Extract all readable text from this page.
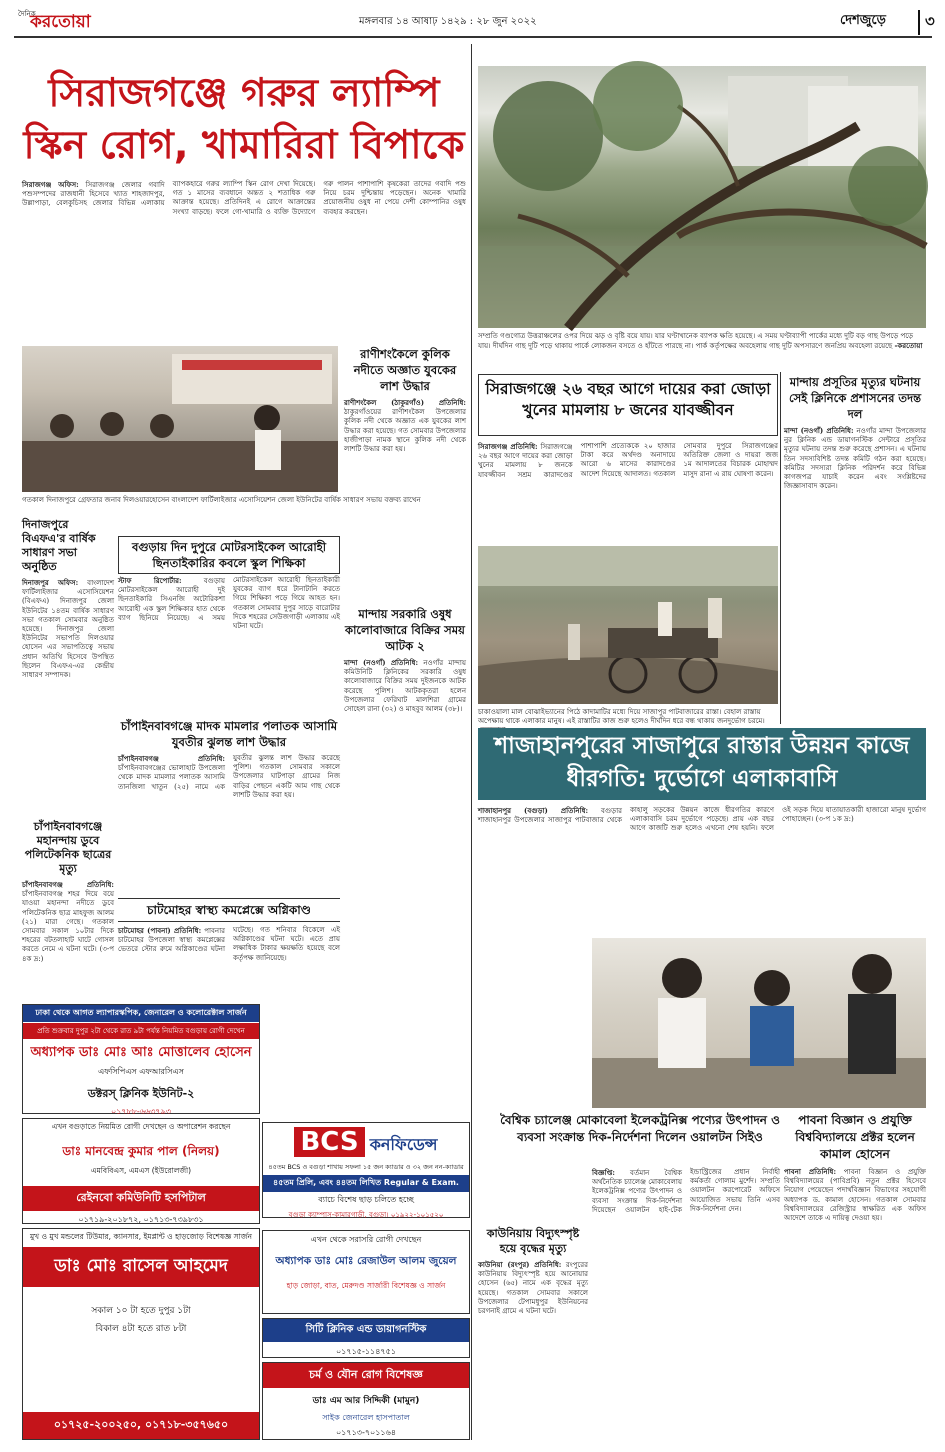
দৈনিক
করতোয়া	মঙ্গলবার ১৪ আষাঢ় ১৪২৯ : ২৮ জুন ২০২২	দেশজুড়ে	৩
সিরাজগঞ্জে গরুর ল্যাম্পি স্কিন রোগ, খামারিরা বিপাকে
সিরাজগঞ্জ অফিস: সিরাজগঞ্জ জেলার গবাদি পশুসম্পদের রাজধানী হিসেবে খ্যাত শাহজাদপুর, উল্লাপাড়া, বেলকুচিসহ জেলার বিভিন্ন এলাকায় ব্যাপকহারে গরুর ল্যাম্পি স্কিন রোগ দেখা দিয়েছে। গত ১ মাসের ব্যবধানে অন্তত ২ শতাধিক গরু আক্রান্ত হয়েছে। প্রতিদিনই এ রোগে আক্রান্তের সংখ্যা বাড়ছে। ফলে গো-খামারি ও ব্যক্তি উদ্যোগে গরু পালন পাশাপাশি কৃষকেরা তাদের গবাদি পশু নিয়ে চরম দুশ্চিন্তায় পড়েছেন। অনেক খামারি প্রয়োজনীয় ওষুধ না পেয়ে দেশী কোম্পানির ওষুধ ব্যবহার করছেন।
সম্প্রতি গণ্ডগোত্র উত্তরাঞ্চলের ওপর দিয়ে ঝড় ও বৃষ্টি বয়ে যায়। যার ঘণ্টাখানেক ব্যাপক ক্ষতি হয়েছে। এ সময় ঘণ্টাব্যাপী পার্কের মধ্যে দুটি বড় গাছ উপড়ে পড়ে যায়। দীর্ঘদিন গাছ দুটি পড়ে থাকায় পার্কে লোকজন বসতে ও হাঁটতে পারছে না। পার্ক কর্তৃপক্ষের অবহেলায় গাছ দুটি অপসারণে জনপ্রিয় অবহেলা রয়েছে -করতোয়া
গতকাল দিনাজপুরে গ্রেফতার জনাব দিলওয়ারহোসেন বাংলাদেশ ফার্টিলাইজার এসোসিয়েশন জেলা ইউনিটের বার্ষিক সাধারণ সভায় বক্তব্য রাখেন
রাণীশংকৈলে কুলিক নদীতে অজ্ঞাত যুবকের লাশ উদ্ধার
রাণীশংকৈল (ঠাকুরগাঁও) প্রতিনিধি: ঠাকুরগাঁওয়ের রাণীশংকৈল উপজেলার কুলিক নদী থেকে অজ্ঞাত এক যুবকের লাশ উদ্ধার করা হয়েছে। গত সোমবার উপজেলার হাজীপাড়া নামক স্থানে কুলিক নদী থেকে লাশটি উদ্ধার করা হয়।
দিনাজপুরে বিএফএ'র বার্ষিক সাধারণ সভা অনুষ্ঠিত
দিনাজপুর অফিস: বাংলাদেশ ফার্টিলাইজার এসোসিয়েশন (বিএফএ) দিনাজপুর জেলা ইউনিটের ১৪তম বার্ষিক সাধারণ সভা গতকাল সোমবার অনুষ্ঠিত হয়েছে। দিনাজপুর জেলা ইউনিটের সভাপতি দিলওয়ার হোসেন এর সভাপতিত্বে সভায় প্রধান অতিথি হিসেবে উপস্থিত ছিলেন বিএফএ-এর কেন্দ্রীয় সাধারণ সম্পাদক।
চাঁপাইনবাবগঞ্জে মহানন্দায় ডুবে পলিটেকনিক ছাত্রের মৃত্যু
চাঁপাইনবাবগঞ্জ প্রতিনিধি: চাঁপাইনবাবগঞ্জ শহর দিয়ে বয়ে যাওয়া মহানন্দা নদীতে ডুবে পলিটেকনিক ছাত্র মাহফুজ আলম (২১) মারা গেছে। গতকাল সোমবার সকাল ১০টার দিকে শহরের বটতলাহাট ঘাটে গোসল করতে নেমে এ ঘটনা ঘটে। (৩-প ৪ক দ্র:)
বগুড়ায় দিন দুপুরে মোটরসাইকেল আরোহী ছিনতাইকারির কবলে স্কুল শিক্ষিকা
স্টাফ রিপোর্টার:	বগুড়ায় মোটরসাইকেল আরোহী দুই ছিনতাইকারি সিএনজি অটোরিকশা আরোহী এক স্কুল শিক্ষিকার হাত থেকে ব্যাগ ছিনিয়ে নিয়েছে। এ সময় মোটরসাইকেল আরোহী ছিনতাইকারী যুবকের ব্যাগ ধরে টানাটানি করতে গিয়ে শিক্ষিকা পড়ে গিয়ে আহত হন। গতকাল সোমবার দুপুর সাড়ে বারোটার দিকে শহরের সেউজগাড়ী এলাকায় এই ঘটনা ঘটে।
মান্দায় সরকারি ওষুধ কালোবাজারে বিক্রির সময় আটক ২
মান্দা (নওগাঁ) প্রতিনিধি: নওগাঁর মান্দায় কমিউনিটি ক্লিনিকের সরকারি ওষুধ কালোবাজারে বিক্রির সময় দুইজনকে আটক করেছে পুলিশ। আটককৃতরা হলেন উপজেলার ফেরিঘাট মালশিরা গ্রামের সোহেল রানা (৩২) ও মাহবুব আলম (৩৮)।
চাঁপাইনবাবগঞ্জে মাদক মামলার পলাতক আসামি যুবতীর ঝুলন্ত লাশ উদ্ধার
চাঁপাইনবাবগঞ্জ প্রতিনিধি: চাঁপাইনবাবগঞ্জের ভোলাহাট উপজেলা থেকে মাদক মামলার পলাতক আসামি তানজিলা খাতুন (২৫) নামে এক যুবতীর ঝুলন্ত লাশ উদ্ধার করেছে পুলিশ। গতকাল সোমবার সকালে উপজেলার ঘাটপাড়া গ্রামের নিজ বাড়ির পেছনে একটি আম গাছ থেকে লাশটি উদ্ধার করা হয়।
চাটমোহর স্বাস্থ্য কমপ্লেক্সে অগ্নিকাণ্ড
চাটমোহর (পাবনা) প্রতিনিধি: পাবনার চাটমোহর উপজেলা স্বাস্থ্য কমপ্লেক্সের ভেতরে স্টোর রুমে অগ্নিকাণ্ডের ঘটনা ঘটেছে। গত শনিবার বিকেলে এই অগ্নিকাণ্ডের ঘটনা ঘটে। এতে প্রায় লক্ষাধিক টাকার ক্ষয়ক্ষতি হয়েছে বলে কর্তৃপক্ষ জানিয়েছে।
সিরাজগঞ্জে ২৬ বছর আগে দায়ের করা জোড়া খুনের মামলায় ৮ জনের যাবজ্জীবন
সিরাজগঞ্জ প্রতিনিধি: সিরাজগঞ্জে ২৬ বছর আগে দায়ের করা জোড়া খুনের মামলায় ৮ জনকে যাবজ্জীবন সশ্রম কারাদণ্ডের পাশাপাশি প্রত্যেককে ২০ হাজার টাকা করে অর্থদণ্ড অনাদায়ে আরো ৬ মাসের কারাদণ্ডের আদেশ দিয়েছে আদালত। গতকাল সোমবার দুপুরে সিরাজগঞ্জের অতিরিক্ত জেলা ও দায়রা জজ ১ম আদালতের বিচারক মোহাম্মদ মাসুদ রানা এ রায় ঘোষণা করেন।
চাকাওয়ালা মাল বোঝাইভ্যানের পিঠে কাদামাটির মধ্যে দিয়ে সাজাপুর পাটবাজারের রাস্তা। বেহাল রাস্তায় অপেক্ষায় থাকে এলাকার মানুষ। এই রাস্তাটির কাজ শুরু হলেও দীর্ঘদিন ধরে বন্ধ থাকায় জনদুর্ভোগ চরমে।
শাজাহানপুরের সাজাপুরে রাস্তার উন্নয়ন কাজে ধীরগতি: দুর্ভোগে এলাকাবাসি
শাজাহানপুর (বগুড়া) প্রতিনিধি: বগুড়ার শাজাহানপুর উপজেলার সাজাপুর পাটবাজার থেকে কাহালু সড়কের উন্নয়ন কাজে ধীরগতির কারণে এলাকাবাসি চরম দুর্ভোগে পড়েছে। প্রায় এক বছর আগে কাজটি শুরু হলেও এখনো শেষ হয়নি। ফলে ওই সড়ক দিয়ে যাতায়াতকারী হাজারো মানুষ দুর্ভোগ পোহাচ্ছেন। (৩-প ১ক দ্র:)
মান্দায় প্রসূতির মৃত্যুর ঘটনায় সেই ক্লিনিকে প্রশাসনের তদন্ত দল
মান্দা (নওগাঁ) প্রতিনিধি: নওগাঁর মান্দা উপজেলার নুর ক্লিনিক এন্ড ডায়াগনস্টিক সেন্টারে প্রসূতির মৃত্যুর ঘটনায় তদন্ত শুরু করেছে প্রশাসন। এ ঘটনায় তিন সদস্যবিশিষ্ট তদন্ত কমিটি গঠন করা হয়েছে। কমিটির সদস্যরা ক্লিনিক পরিদর্শন করে বিভিন্ন কাগজপত্র যাচাই করেন এবং সংশ্লিষ্টদের জিজ্ঞাসাবাদ করেন।
বৈশ্বিক চ্যালেঞ্জ মোকাবেলা ইলেকট্রনিক্স পণ্যের উৎপাদন ও ব্যবসা সংক্রান্ত দিক-নির্দেশনা দিলেন ওয়ালটন সিইও
বিজ্ঞপ্তি: বর্তমান বৈশ্বিক অর্থনৈতিক চ্যালেঞ্জ মোকাবেলায় ইলেকট্রনিক্স পণ্যের উৎপাদন ও ব্যবসা সংক্রান্ত দিক-নির্দেশনা দিয়েছেন ওয়ালটন হাই-টেক ইন্ডাস্ট্রিজের প্রধান নির্বাহী কর্মকর্তা গোলাম মুর্শেদ। সম্প্রতি ওয়ালটন করপোরেট অফিসে আয়োজিত সভায় তিনি এসব দিক-নির্দেশনা দেন।
কাউনিয়ায় বিদ্যুৎস্পৃষ্ট হয়ে বৃদ্ধের মৃত্যু
কাউনিয়া (রংপুর) প্রতিনিধি: রংপুরের কাউনিয়ায় বিদ্যুৎস্পৃষ্ট হয়ে আনোয়ার হোসেন (৬৫) নামে এক বৃদ্ধের মৃত্যু হয়েছে। গতকাল সোমবার সকালে উপজেলার টেপামধুপুর ইউনিয়নের চরগনাই গ্রামে এ ঘটনা ঘটে।
পাবনা বিজ্ঞান ও প্রযুক্তি বিশ্ববিদ্যালয়ে প্রক্টর হলেন কামাল হোসেন
পাবনা প্রতিনিধি: পাবনা বিজ্ঞান ও প্রযুক্তি বিশ্ববিদ্যালয়ের (পাবিপ্রবি) নতুন প্রক্টর হিসেবে নিয়োগ পেয়েছেন পদার্থবিজ্ঞান বিভাগের সহযোগী অধ্যাপক ড. কামাল হোসেন। গতকাল সোমবার বিশ্ববিদ্যালয়ের রেজিস্ট্রার স্বাক্ষরিত এক অফিস আদেশে তাকে এ দায়িত্ব দেওয়া হয়।
ঢাকা থেকে আগত ল্যাপারস্কপিক, জেনারেল ও কলোরেক্টাল সার্জন
প্রতি শুক্রবার দুপুর ২টা থেকে রাত ৯টা পর্যন্ত নিয়মিত বগুড়ায় রোগী দেখেন
অধ্যাপক ডাঃ মোঃ আঃ মোত্তালেব হোসেন
এফসিপিএস এফআরসিএস
ডক্টরস্ ক্লিনিক ইউনিট-২
০১৭৮৮-৬৬৩৭৯৩
এখন বগুড়াতে নিয়মিত রোগী দেখছেন ও অপারেশন করছেন
ডাঃ মানবেন্দ্র কুমার পাল (নিলয়)
এমবিবিএস, এমএস (ইউরোলজী)
রেইনবো কমিউনিটি হসপিটাল
০১৭১৯-২০১৮৭২, ০১৭১৩-৭৩৯৮৩১
মুখ ও মুখ মন্ডলের টিউমার, ক্যানসার, ইমপ্লান্ট ও হাড়জোড় বিশেষজ্ঞ সার্জন
ডাঃ মোঃ রাসেল আহমেদ
সকাল ১০ টা হতে দুপুর ১টা
বিকাল ৪টা হতে রাত ৮টা
০১৭২৫-২০০২৫০, ০১৭১৮-৩৫৭৬৫০
BCS কনফিডেন্স
৪৫তম BCS ও বগুড়া শাখায় সফলা ১৫ জন ক্যাডার ও ৩২ জন নন-ক্যাডার
৪৫তম প্রিলি, এবং ৪৪তম লিখিত Regular & Exam.
ব্যাচে বিশেষ ছাড় চলিতে হচ্ছে
বগুড়া ক্যাম্পাস-কামারগাড়ী, বগুড়া। ০১৯২২-১০১৫২০
এখন থেকে সরাসরি রোগী দেখছেন
অধ্যাপক ডাঃ মোঃ রেজাউল আলম জুয়েল
হাড় জোড়া, বাত, মেরুদণ্ড সার্জারী বিশেষজ্ঞ ও সার্জন
সিটি ক্লিনিক এন্ড ডায়াগনস্টিক
০১৭১৫-১১৪৭৫১
চর্ম ও যৌন রোগ বিশেষজ্ঞ
ডাঃ এম আর সিদ্দিকী (মামুন)
সাইক জেনারেল হাসপাতাল
০১৭১৩-৭০১১৬৪
